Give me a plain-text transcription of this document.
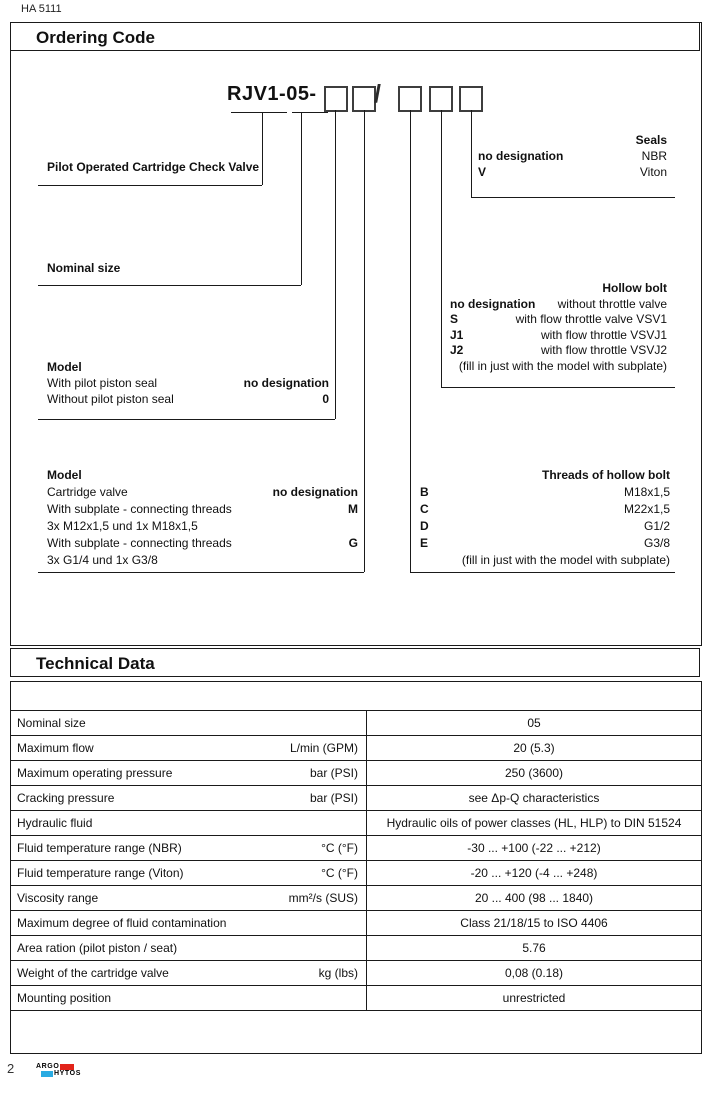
HA 5111
Ordering Code
RJV1-05- /
Pilot Operated Cartridge Check Valve
Nominal size
Model
With pilot piston seal	no designation
Without pilot piston seal	0
Model
Cartridge valve	no designation
With subplate - connecting threads	M
3x M12x1,5 und 1x M18x1,5
With subplate - connecting threads	G
3x G1/4 und 1x G3/8
Seals
no designation	NBR
V	Viton
Hollow bolt
no designation without throttle valve
S	with flow throttle valve VSV1
J1	with flow throttle VSVJ1
J2	with flow throttle VSVJ2
(fill in just with the model with subplate)
Threads of hollow bolt
B	M18x1,5
C	M22x1,5
D	G1/2
E	G3/8
(fill in just with the model with subplate)
Technical Data
Nominal size	05

Maximum flow L/min (GPM)	20 (5.3)

Maximum operating pressure bar (PSI)	250 (3600)

Cracking pressure bar (PSI)	see Δp-Q characteristics

Hydraulic fluid	Hydraulic oils of power classes (HL, HLP) to DIN 51524

Fluid temperature range (NBR) °C (°F)	-30 ... +100 (-22 ... +212)

Fluid temperature range (Viton) °C (°F)	-20 ... +120 (-4 ... +248)

Viscosity range mm²/s (SUS)	20 ... 400 (98 ... 1840)

Maximum degree of fluid contamination	Class 21/18/15 to ISO 4406

Area ration (pilot piston / seat)	5.76

Weight of the cartridge valve kg (lbs)	0,08 (0.18)

Mounting position	unrestricted
2	ARGO
HYTOS
